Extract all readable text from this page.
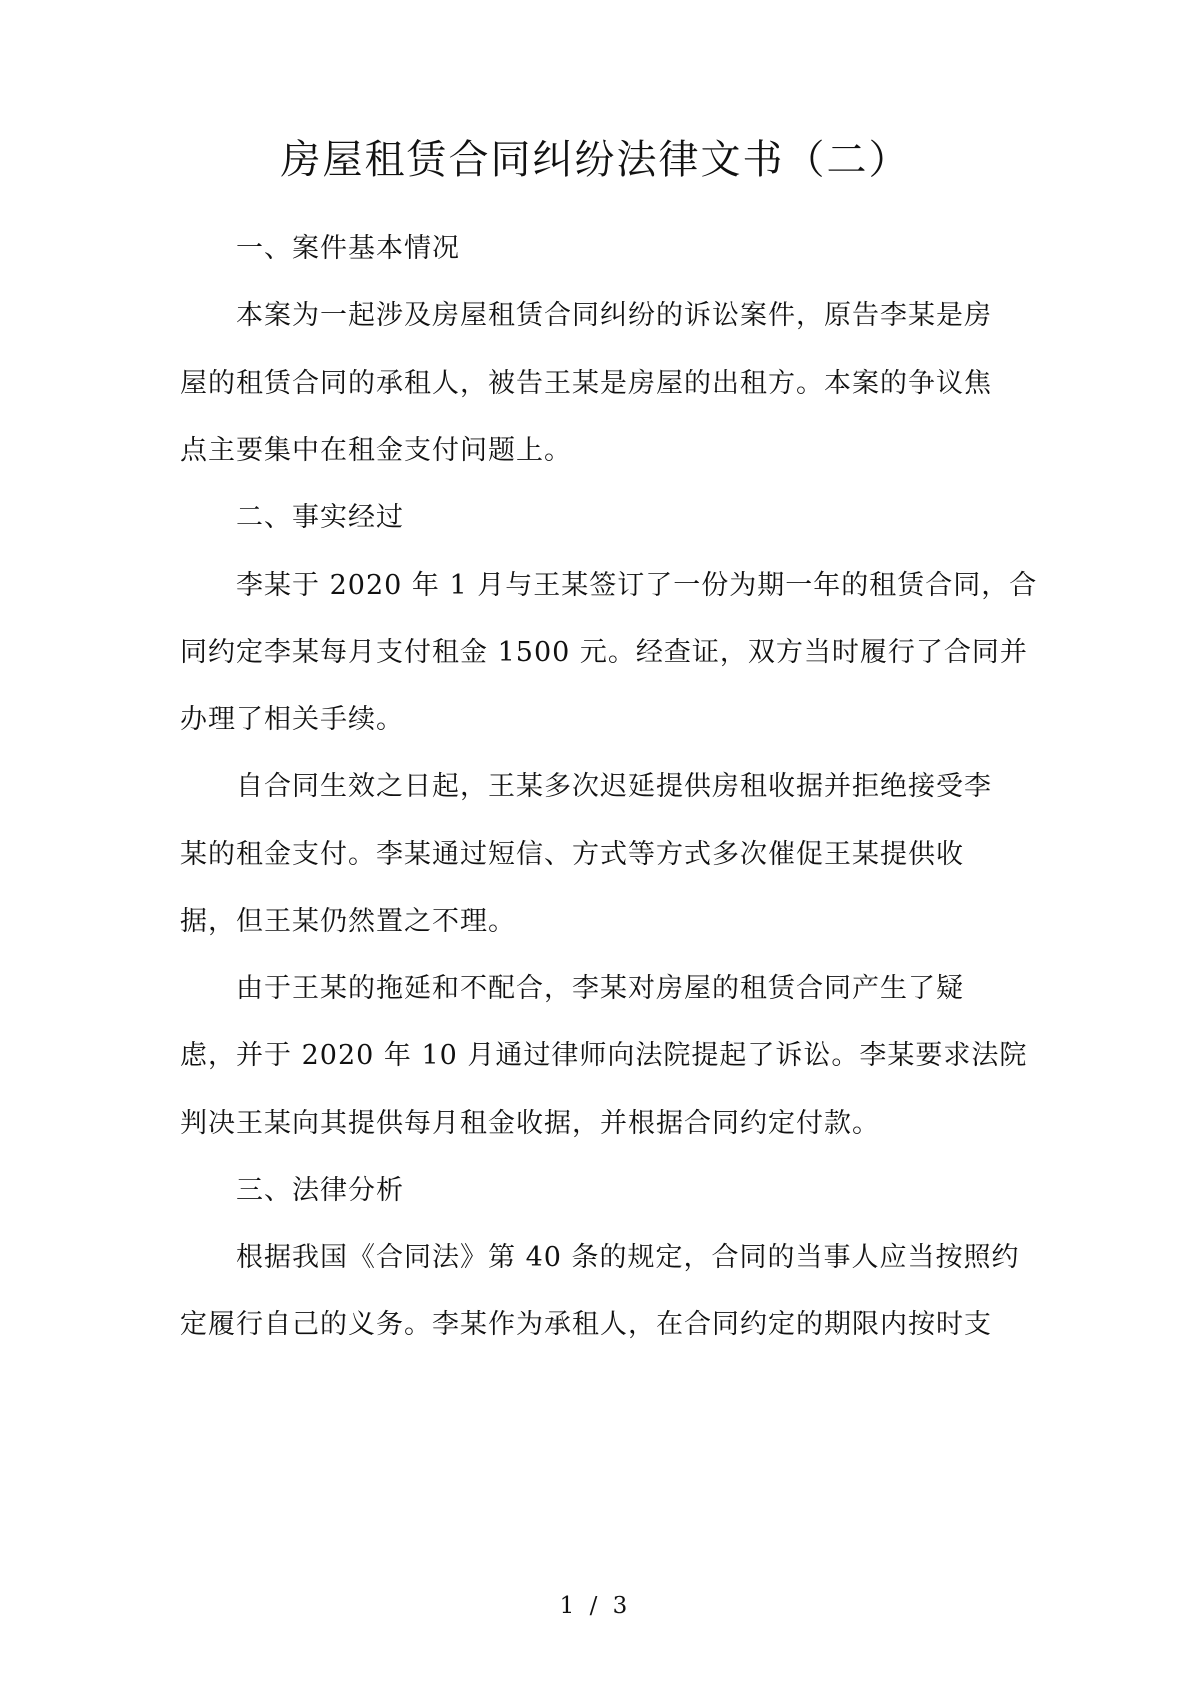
房屋租赁合同纠纷法律文书（二）
一、案件基本情况
本案为一起涉及房屋租赁合同纠纷的诉讼案件，原告李某是房
屋的租赁合同的承租人，被告王某是房屋的出租方。本案的争议焦
点主要集中在租金支付问题上。
二、事实经过
李某于 2020 年 1 月与王某签订了一份为期一年的租赁合同，合
同约定李某每月支付租金 1500 元。经查证，双方当时履行了合同并
办理了相关手续。
自合同生效之日起，王某多次迟延提供房租收据并拒绝接受李
某的租金支付。李某通过短信、方式等方式多次催促王某提供收
据，但王某仍然置之不理。
由于王某的拖延和不配合，李某对房屋的租赁合同产生了疑
虑，并于 2020 年 10 月通过律师向法院提起了诉讼。李某要求法院
判决王某向其提供每月租金收据，并根据合同约定付款。
三、法律分析
根据我国《合同法》第 40 条的规定，合同的当事人应当按照约
定履行自己的义务。李某作为承租人，在合同约定的期限内按时支
1 / 3
